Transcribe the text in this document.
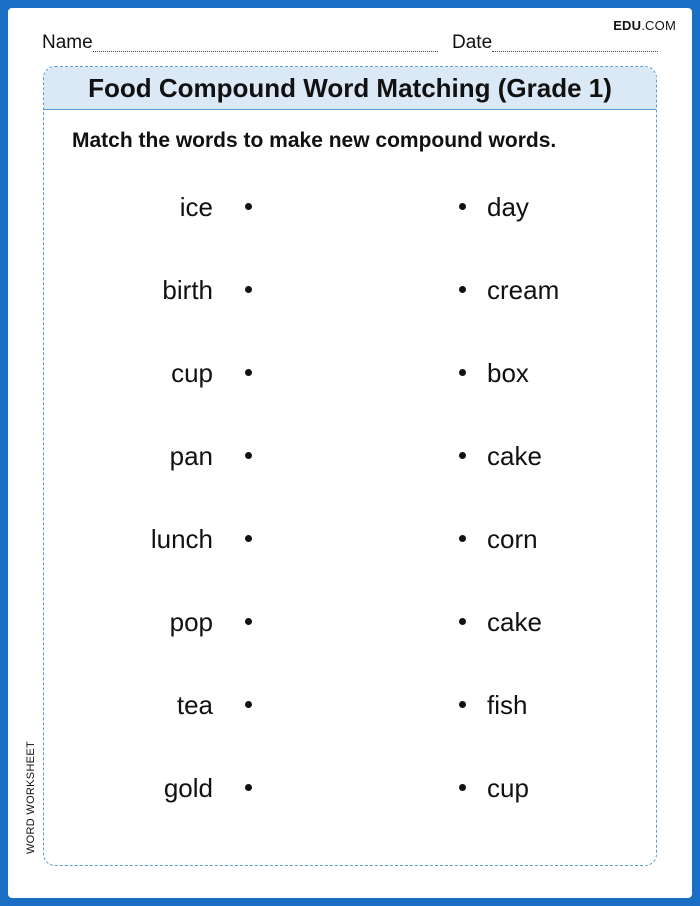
EDU.COM
Name	Date
Food Compound Word Matching (Grade 1)
Match the words to make new compound words.
ice	day
birth	cream
cup	box
pan	cake
lunch	corn
pop	cake
tea	fish
gold	cup
WORD WORKSHEET
